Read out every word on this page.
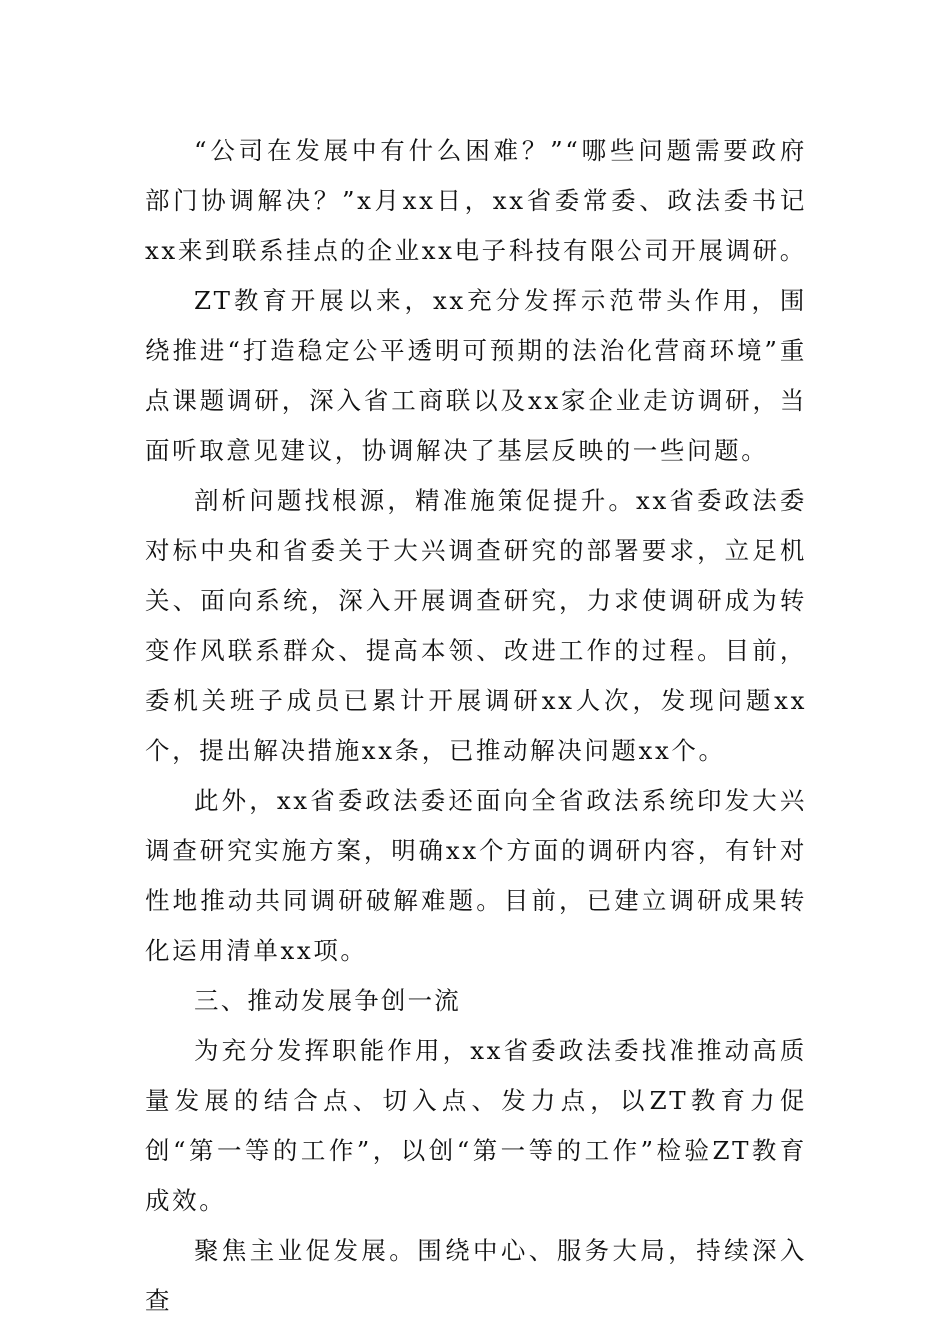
“公司在发展中有什么困难？”“哪些问题需要政府部门协调解决？”x月xx日，xx省委常委、政法委书记xx来到联系挂点的企业xx电子科技有限公司开展调研。

ZT教育开展以来，xx充分发挥示范带头作用，围绕推进“打造稳定公平透明可预期的法治化营商环境”重点课题调研，深入省工商联以及xx家企业走访调研，当面听取意见建议，协调解决了基层反映的一些问题。

剖析问题找根源，精准施策促提升。xx省委政法委对标中央和省委关于大兴调查研究的部署要求，立足机关、面向系统，深入开展调查研究，力求使调研成为转变作风联系群众、提高本领、改进工作的过程。目前，委机关班子成员已累计开展调研xx人次，发现问题xx个，提出解决措施xx条，已推动解决问题xx个。

此外，xx省委政法委还面向全省政法系统印发大兴调查研究实施方案，明确xx个方面的调研内容，有针对性地推动共同调研破解难题。目前，已建立调研成果转化运用清单xx项。

三、推动发展争创一流

为充分发挥职能作用，xx省委政法委找准推动高质量发展的结合点、切入点、发力点，以ZT教育力促创“第一等的工作”，以创“第一等的工作”检验ZT教育成效。

聚焦主业促发展。围绕中心、服务大局，持续深入查
